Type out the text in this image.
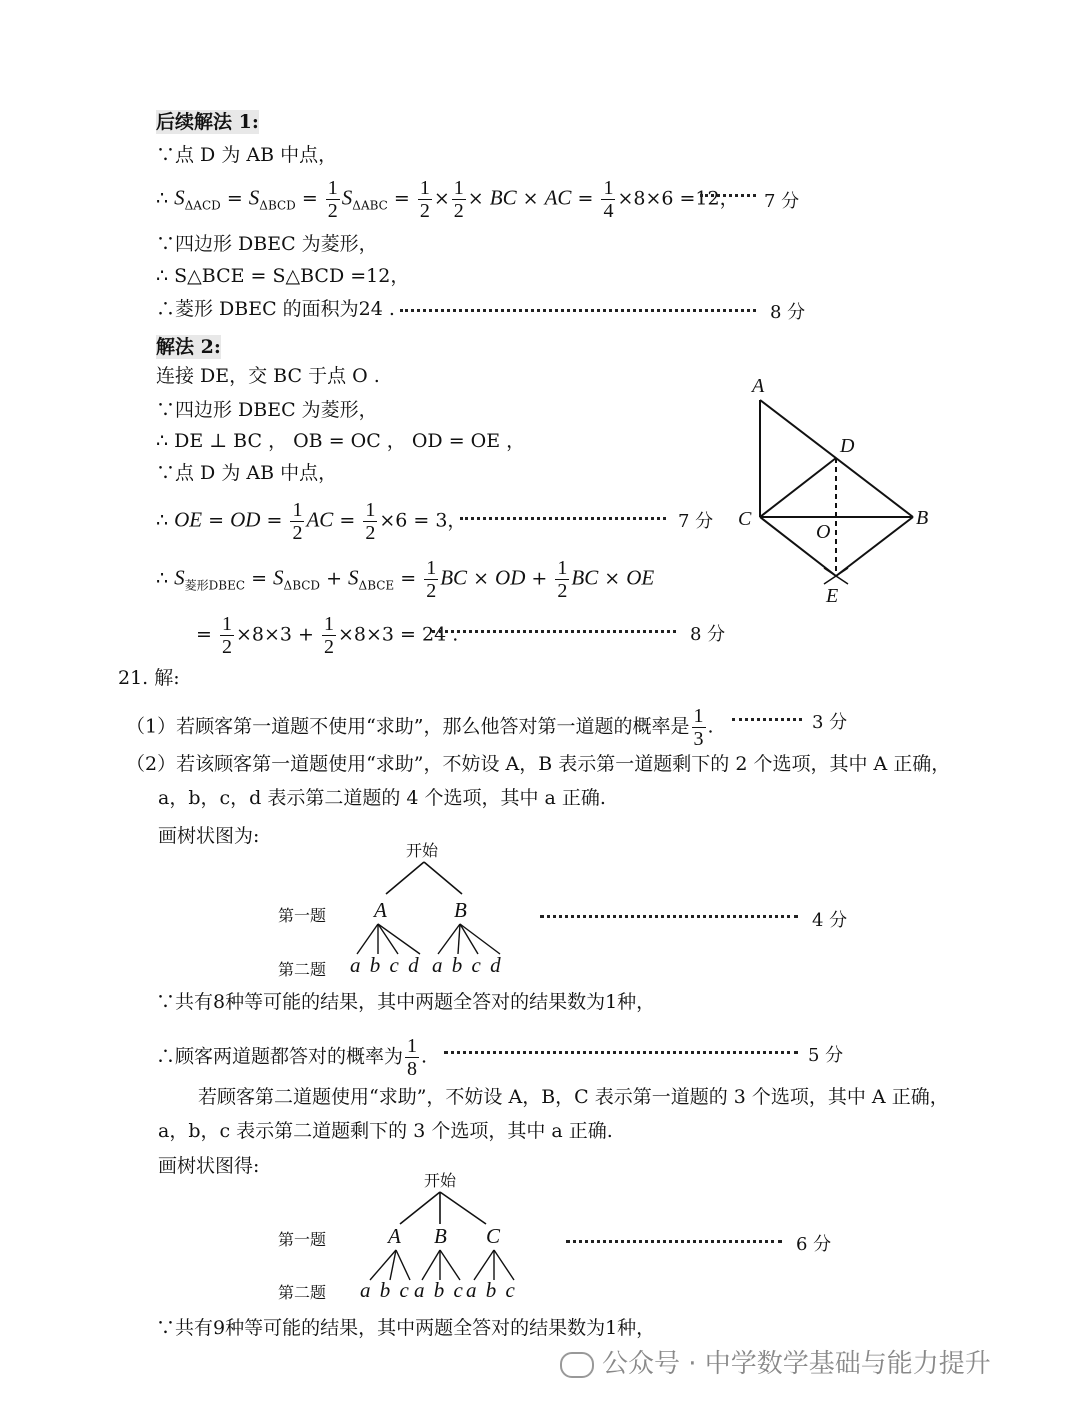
后续解法 1:
∵点 D 为 AB 中点，
∴ $S_{\Delta ACD} = S_{\Delta BCD} = \frac{1}{2} S_{\Delta ABC} = \frac{1}{2} \times \frac{1}{2}$ × BC × AC = $\frac{1}{4} \times 8\times 6 =12$， 7 分
∵四边形 DBEC 为菱形，
∴ S△BCE = S△BCD =12，
∴菱形 DBEC 的面积为24 .	8 分
解法 2:
连接 DE，交 BC 于点 O .
∵四边形 DBEC 为菱形，
∴ DE ⊥ BC ， OB = OC ， OD = OE ，
∵点 D 为 AB 中点，
∴ OE = OD = $\frac{1}{2}$ AC = $\frac{1}{2} \times 6 = 3$，	7 分
∴ $S_{菱形DBEC} = S_{\Delta BCD} + S_{\Delta BCE} = \frac{1}{2}$ BC × OD + $\frac{1}{2}$ BC × OE
= $\frac{1}{2} \times 8\times 3 + \frac{1}{2} \times 8\times 3 = 24$ .	8 分
A
D
C
O
B
E
21. 解:
（1）若顾客第一道题不使用“求助”，那么他答对第一道题的概率是 $\frac{1}{3}$ .	3 分
（2）若该顾客第一道题使用“求助”，不妨设 A，B 表示第一道题剩下的 2 个选项，其中 A 正确，
a，b，c，d 表示第二道题的 4 个选项，其中 a 正确.
画树状图为:
开始
第一题 A	B	4 分
第二题 a b c d a b c d
∵共有8种等可能的结果，其中两题全答对的结果数为1种，
∴顾客两道题都答对的概率为 $\frac{1}{8}$ .	5 分
若顾客第二道题使用“求助”，不妨设 A，B，C 表示第一道题的 3 个选项，其中 A 正确，
a，b，c 表示第二道题剩下的 3 个选项，其中 a 正确.
画树状图得:
开始
第一题	A B C	6 分
第二题 a b c a b c a b c
∵共有9种等可能的结果，其中两题全答对的结果数为1种，
公众号 · 中学数学基础与能力提升
